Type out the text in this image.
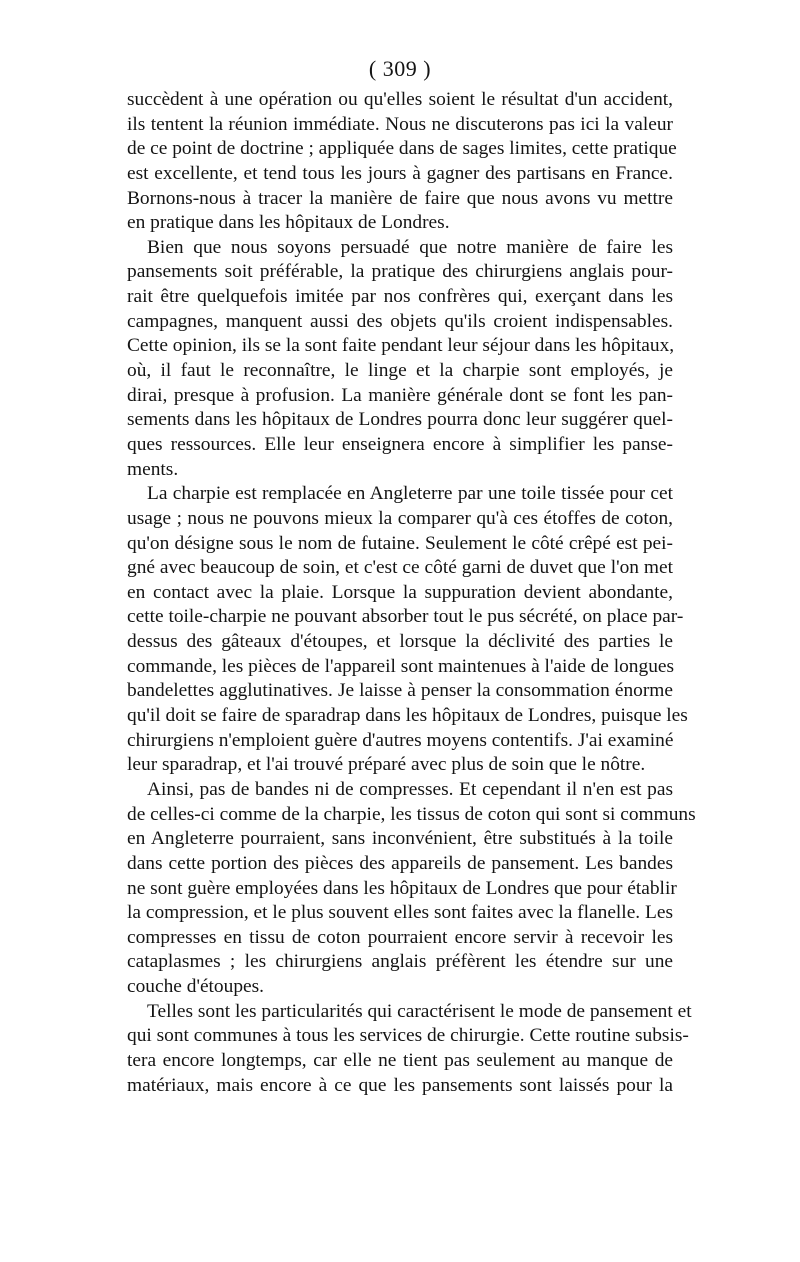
( 309 )
succèdent à une opération ou qu'elles soient le résultat d'un accident,
ils tentent la réunion immédiate. Nous ne discuterons pas ici la valeur
de ce point de doctrine ; appliquée dans de sages limites, cette pratique
est excellente, et tend tous les jours à gagner des partisans en France.
Bornons-nous à tracer la manière de faire que nous avons vu mettre
en pratique dans les hôpitaux de Londres.
Bien que nous soyons persuadé que notre manière de faire les
pansements soit préférable, la pratique des chirurgiens anglais pour-
rait être quelquefois imitée par nos confrères qui, exerçant dans les
campagnes, manquent aussi des objets qu'ils croient indispensables.
Cette opinion, ils se la sont faite pendant leur séjour dans les hôpitaux,
où, il faut le reconnaître, le linge et la charpie sont employés, je
dirai, presque à profusion. La manière générale dont se font les pan-
sements dans les hôpitaux de Londres pourra donc leur suggérer quel-
ques ressources. Elle leur enseignera encore à simplifier les panse-
ments.
La charpie est remplacée en Angleterre par une toile tissée pour cet
usage ; nous ne pouvons mieux la comparer qu'à ces étoffes de coton,
qu'on désigne sous le nom de futaine. Seulement le côté crêpé est pei-
gné avec beaucoup de soin, et c'est ce côté garni de duvet que l'on met
en contact avec la plaie. Lorsque la suppuration devient abondante,
cette toile-charpie ne pouvant absorber tout le pus sécrété, on place par-
dessus des gâteaux d'étoupes, et lorsque la déclivité des parties le
commande, les pièces de l'appareil sont maintenues à l'aide de longues
bandelettes agglutinatives. Je laisse à penser la consommation énorme
qu'il doit se faire de sparadrap dans les hôpitaux de Londres, puisque les
chirurgiens n'emploient guère d'autres moyens contentifs. J'ai examiné
leur sparadrap, et l'ai trouvé préparé avec plus de soin que le nôtre.
Ainsi, pas de bandes ni de compresses. Et cependant il n'en est pas
de celles-ci comme de la charpie, les tissus de coton qui sont si communs
en Angleterre pourraient, sans inconvénient, être substitués à la toile
dans cette portion des pièces des appareils de pansement. Les bandes
ne sont guère employées dans les hôpitaux de Londres que pour établir
la compression, et le plus souvent elles sont faites avec la flanelle. Les
compresses en tissu de coton pourraient encore servir à recevoir les
cataplasmes ; les chirurgiens anglais préfèrent les étendre sur une
couche d'étoupes.
Telles sont les particularités qui caractérisent le mode de pansement et
qui sont communes à tous les services de chirurgie. Cette routine subsis-
tera encore longtemps, car elle ne tient pas seulement au manque de
matériaux, mais encore à ce que les pansements sont laissés pour la
